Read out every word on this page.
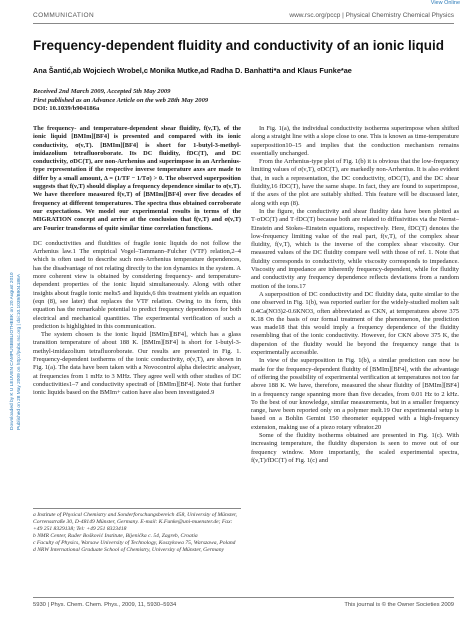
View Online
COMMUNICATION	www.rsc.org/pccp | Physical Chemistry Chemical Physics
Downloaded by K U LEUVEN CAMPUSBIBLIOTHEEK on 20 August 2010 Published on 28 May 2009 on http://pubs.rsc.org | doi:10.1039/B904186A
Frequency-dependent fluidity and conductivity of an ionic liquid
Ana Šantić,ab Wojciech Wrobel,c Monika Mutke,ad Radha D. Banhatti*a and Klaus Funke*ae
Received 2nd March 2009, Accepted 5th May 2009
First published as an Advance Article on the web 28th May 2009
DOI: 10.1039/b904186a

The frequency- and temperature-dependent shear fluidity, f(ν,T), of the ionic liquid [BMIm][BF4] is presented and compared with its ionic conductivity, σ(ν,T). [BMIm][BF4] is short for 1-butyl-3-methyl-imidazolium tetrafluoroborate. Its DC fluidity, fDC(T), and DC conductivity, σDC(T), are non-Arrhenius and superimpose in an Arrhenius-type representation if the respective inverse temperature axes are made to differ by a small amount, Δ = (1/TF − 1/Tσ) > 0. The observed superposition suggests that f(ν,T) should display a frequency dependence similar to σ(ν,T). We have therefore measured f(ν,T) of [BMIm][BF4] over five decades of frequency at different temperatures. The spectra thus obtained corroborate our expectations. We model our experimental results in terms of the MIGRATION concept and arrive at the conclusion that f(ν,T) and σ(ν,T) are Fourier transforms of quite similar time correlation functions.

DC conductivities and fluidities of fragile ionic liquids do not follow the Arrhenius law.1 The empirical Vogel–Tammann–Fulcher (VTF) relation,2–4 which is often used to describe such non-Arrhenius temperature dependences, has the disadvantage of not relating directly to the ion dynamics in the system. A more coherent view is obtained by considering frequency- and temperature-dependent properties of the ionic liquid simultaneously. Along with other insights about fragile ionic melts5 and liquids,6 this treatment yields an equation (eqn (8), see later) that replaces the VTF relation. Owing to its form, this equation has the remarkable potential to predict frequency dependences for both electrical and mechanical quantities. The experimental verification of such a prediction is highlighted in this communication.

The system chosen is the ionic liquid [BMIm][BF4], which has a glass transition temperature of about 188 K. [BMIm][BF4] is short for 1-butyl-3-methyl-imidazolium tetrafluoroborate. Our results are presented in Fig. 1. Frequency-dependent isotherms of the ionic conductivity, σ(ν,T), are shown in Fig. 1(a). The data have been taken with a Novocontrol alpha dielectric analyser, at frequencies from 1 mHz to 3 MHz. They agree well with other studies of DC conductivities1–7 and conductivity spectra8 of [BMIm][BF4]. Note that further ionic liquids based on the BMIm+ cation have also been investigated.9

a Institute of Physical Chemistry and Sonderforschungsbereich 458, University of Münster, Corrensstraße 30, D-48149 Münster, Germany. E-mail: K.Funke@uni-muenster.de; Fax: +49 251 8329138; Tel: +49 251 8323418
b NMR Center, Ruđer Bošković Institute, Bijenička c. 54, Zagreb, Croatia
c Faculty of Physics, Warsaw University of Technology, Koszykowa 75, Warszawa, Poland
d NRW International Graduate School of Chemistry, University of Münster, Germany

In Fig. 1(a), the individual conductivity isotherms superimpose when shifted along a straight line with a slope close to one. This is known as time-temperature superposition10–15 and implies that the conduction mechanism remains essentially unchanged.

From the Arrhenius-type plot of Fig. 1(b) it is obvious that the low-frequency limiting values of σ(ν,T), σDC(T), are markedly non-Arrhenius. It is also evident that, in such a representation, the DC conductivity, σDC(T), and the DC shear fluidity,16 fDC(T), have the same shape. In fact, they are found to superimpose, if the axes of the plot are suitably shifted. This feature will be discussed later, along with eqn (8).

In the figure, the conductivity and shear fluidity data have been plotted as T·σDC(T) and T·fDC(T) because both are related to diffusivities via the Nernst–Einstein and Stokes–Einstein equations, respectively. Here, fDC(T) denotes the low-frequency limiting value of the real part, f(ν,T), of the complex shear fluidity, f(ν,T), which is the inverse of the complex shear viscosity. Our measured values of the DC fluidity compare well with those of ref. 1. Note that fluidity corresponds to conductivity, while viscosity corresponds to impedance. Viscosity and impedance are inherently frequency-dependent, while for fluidity and conductivity any frequency dependence reflects deviations from a random motion of the ions.17

A superposition of DC conductivity and DC fluidity data, quite similar to the one observed in Fig. 1(b), was reported earlier for the widely-studied molten salt 0.4Ca(NO3)2-0.6KNO3, often abbreviated as CKN, at temperatures above 375 K.18 On the basis of our formal treatment of the phenomenon, the prediction was made18 that this would imply a frequency dependence of the fluidity resembling that of the ionic conductivity. However, for CKN above 375 K, the dispersion of the fluidity would lie beyond the frequency range that is experimentally accessible.

In view of the superposition in Fig. 1(b), a similar prediction can now be made for the frequency-dependent fluidity of [BMIm][BF4], with the advantage of offering the possibility of experimental verification at temperatures not too far above 188 K. We have, therefore, measured the shear fluidity of [BMIm][BF4] in a frequency range spanning more than five decades, from 0.01 Hz to 2 kHz. To the best of our knowledge, similar measurements, but in a smaller frequency range, have been reported only on a polymer melt.19 Our experimental setup is based on a Bohlin Gemini 150 rheometer equipped with a high-frequency extension, making use of a piezo rotary vibrator.20

Some of the fluidity isotherms obtained are presented in Fig. 1(c). With increasing temperature, the fluidity dispersion is seen to move out of our frequency window. More importantly, the scaled experimental spectra, f(ν,T)/fDC(T) of Fig. 1(c) and

5930 | Phys. Chem. Chem. Phys., 2009, 11, 5930–5934	This journal is © the Owner Societies 2009
